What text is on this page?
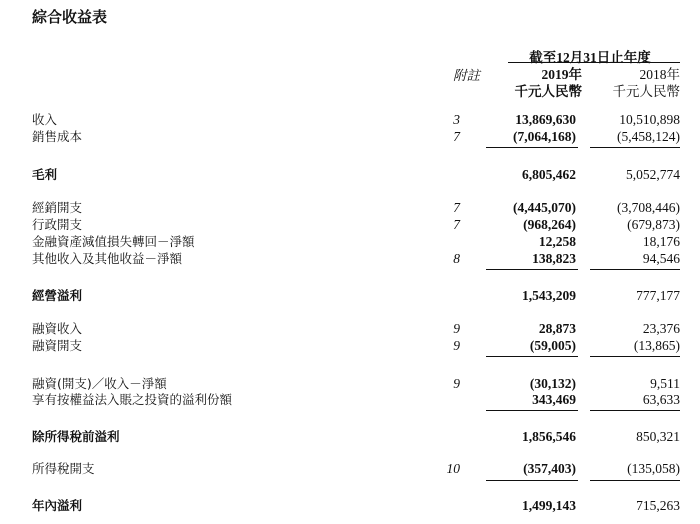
綜合收益表
截至12月31日止年度
附註	2019年	2018年
千元人民幣	千元人民幣
收入	3	13,869,630	10,510,898
銷售成本	7	(7,064,168)	(5,458,124)
毛利	6,805,462	5,052,774
經銷開支	7	(4,445,070)	(3,708,446)
行政開支	7	(968,264)	(679,873)
金融資產減值損失轉回－淨額	12,258	18,176
其他收入及其他收益－淨額	8	138,823	94,546
經營溢利	1,543,209	777,177
融資收入	9	28,873	23,376
融資開支	9	(59,005)	(13,865)
融資(開支)／收入－淨額	9	(30,132)	9,511
享有按權益法入賬之投資的溢利份額	343,469	63,633
除所得稅前溢利	1,856,546	850,321
所得稅開支	10	(357,403)	(135,058)
年內溢利	1,499,143	715,263
